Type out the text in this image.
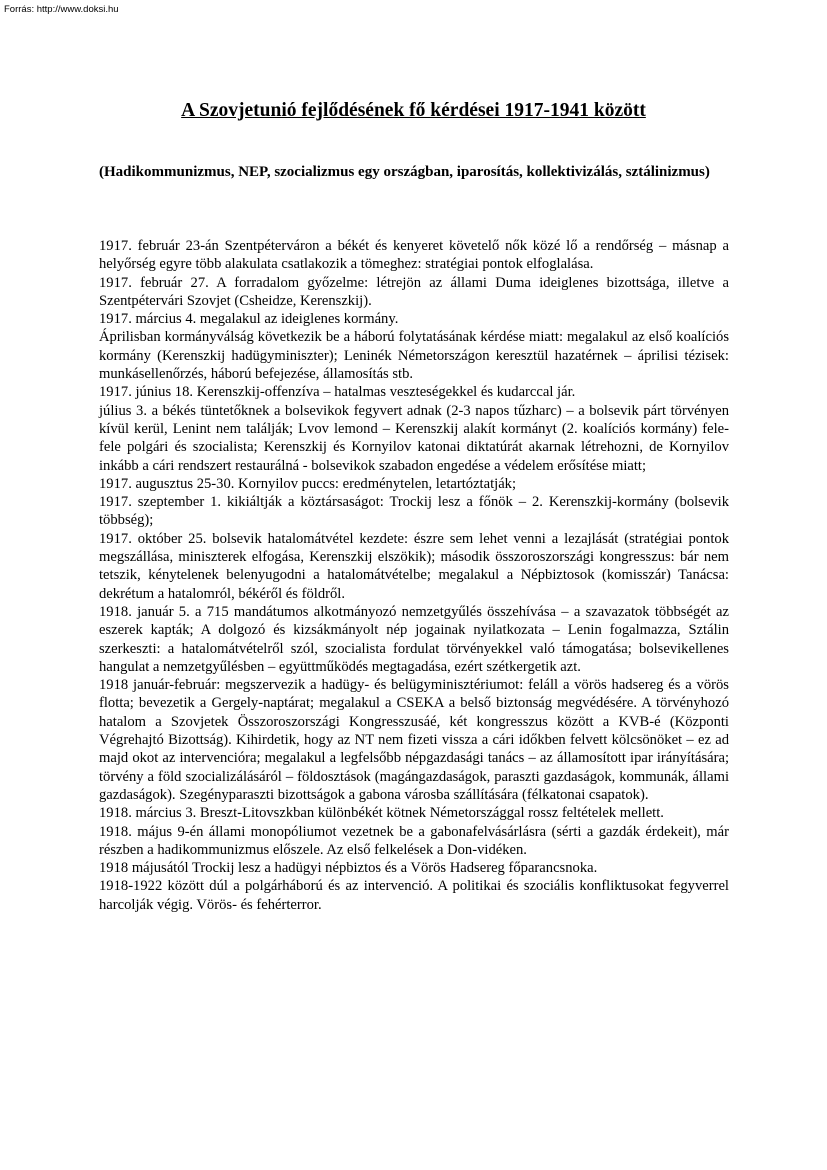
Forrás: http://www.doksi.hu
A Szovjetunió fejlődésének fő kérdései 1917-1941 között
(Hadikommunizmus, NEP, szocializmus egy országban, iparosítás, kollektivizálás, sztálinizmus)

1917. február 23-án Szentpéterváron a békét és kenyeret követelő nők közé lő a rendőrség – másnap a helyőrség egyre több alakulata csatlakozik a tömeghez: stratégiai pontok elfoglalása.

1917. február 27. A forradalom győzelme: létrejön az állami Duma ideiglenes bizottsága, illetve a Szentpétervári Szovjet (Csheidze, Kerenszkij).

1917. március 4. megalakul az ideiglenes kormány.

Áprilisban kormányválság következik be a háború folytatásának kérdése miatt: megalakul az első koalíciós kormány (Kerenszkij hadügyminiszter); Leninék Németországon keresztül hazatérnek – áprilisi tézisek: munkásellenőrzés, háború befejezése, államosítás stb.

1917. június 18. Kerenszkij-offenzíva – hatalmas veszteségekkel és kudarccal jár.

július 3. a békés tüntetőknek a bolsevikok fegyvert adnak (2-3 napos tűzharc) – a bolsevik párt törvényen kívül kerül, Lenint nem találják; Lvov lemond – Kerenszkij alakít kormányt (2. koalíciós kormány) fele-fele polgári és szocialista; Kerenszkij és Kornyilov katonai diktatúrát akarnak létrehozni, de Kornyilov inkább a cári rendszert restaurálná - bolsevikok szabadon engedése a védelem erősítése miatt;

1917. augusztus 25-30. Kornyilov puccs: eredménytelen, letartóztatják;

1917. szeptember 1. kikiáltják a köztársaságot: Trockij lesz a főnök – 2. Kerenszkij-kormány (bolsevik többség);

1917. október 25. bolsevik hatalomátvétel kezdete: észre sem lehet venni a lezajlását (stratégiai pontok megszállása, miniszterek elfogása, Kerenszkij elszökik); második összoroszországi kongresszus: bár nem tetszik, kénytelenek belenyugodni a hatalomátvételbe; megalakul a Népbiztosok (komisszár) Tanácsa: dekrétum a hatalomról, békéről és földről.

1918. január 5. a 715 mandátumos alkotmányozó nemzetgyűlés összehívása – a szavazatok többségét az eszerek kapták; A dolgozó és kizsákmányolt nép jogainak nyilatkozata – Lenin fogalmazza, Sztálin szerkeszti: a hatalomátvételről szól, szocialista fordulat törvényekkel való támogatása; bolsevikellenes hangulat a nemzetgyűlésben – együttműködés megtagadása, ezért szétkergetik azt.

1918 január-február: megszervezik a hadügy- és belügyminisztériumot: feláll a vörös hadsereg és a vörös flotta; bevezetik a Gergely-naptárat; megalakul a CSEKA a belső biztonság megvédésére. A törvényhozó hatalom a Szovjetek Összoroszországi Kongresszusáé, két kongresszus között a KVB-é (Központi Végrehajtó Bizottság). Kihirdetik, hogy az NT nem fizeti vissza a cári időkben felvett kölcsönöket – ez ad majd okot az intervencióra; megalakul a legfelsőbb népgazdasági tanács – az államosított ipar irányítására; törvény a föld szocializálásáról – földosztások (magángazdaságok, paraszti gazdaságok, kommunák, állami gazdaságok). Szegényparaszti bizottságok a gabona városba szállítására (félkatonai csapatok).

1918. március 3. Breszt-Litovszkban különbékét kötnek Németországgal rossz feltételek mellett.

1918. május 9-én állami monopóliumot vezetnek be a gabonafelvásárlásra (sérti a gazdák érdekeit), már részben a hadikommunizmus előszele. Az első felkelések a Don-vidéken.

1918 májusától Trockij lesz a hadügyi népbiztos és a Vörös Hadsereg főparancsnoka.

1918-1922 között dúl a polgárháború és az intervenció. A politikai és szociális konfliktusokat fegyverrel harcolják végig. Vörös- és fehérterror.
